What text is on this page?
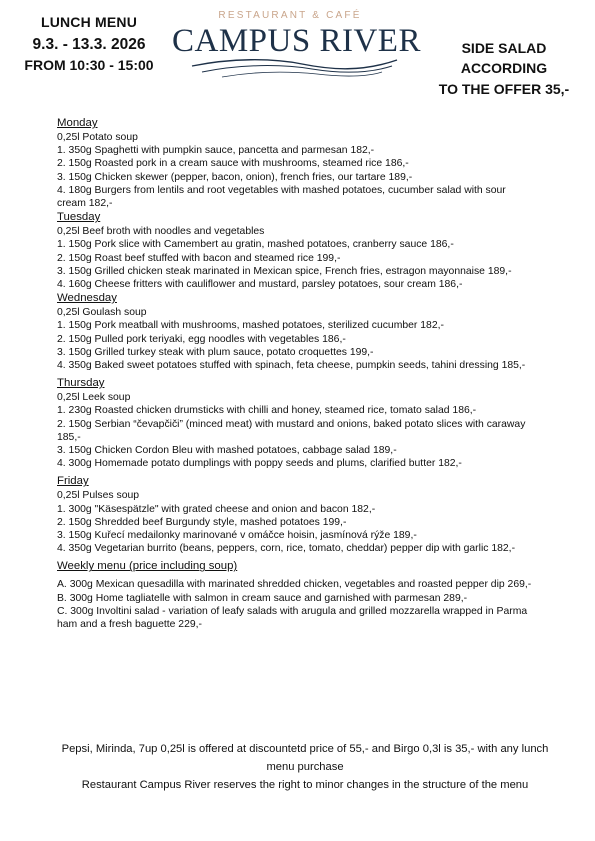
LUNCH MENU
9.3. - 13.3. 2026
FROM 10:30 - 15:00
RESTAURANT & CAFÉ
CAMPUS RIVER	SIDE SALAD ACCORDING
TO THE OFFER 35,-
Monday
0,25l Potato soup
1. 350g Spaghetti with pumpkin sauce, pancetta and parmesan 182,-
2. 150g Roasted pork in a cream sauce with mushrooms, steamed rice 186,-
3. 150g Chicken skewer (pepper, bacon, onion), french fries, our tartare 189,-
4. 180g Burgers from lentils and root vegetables with mashed potatoes, cucumber salad with sour cream 182,-
Tuesday
0,25l Beef broth with noodles and vegetables
1. 150g Pork slice with Camembert au gratin, mashed potatoes, cranberry sauce 186,-
2. 150g Roast beef stuffed with bacon and steamed rice 199,-
3. 150g Grilled chicken steak marinated in Mexican spice, French fries, estragon mayonnaise 189,-
4. 160g Cheese fritters with cauliflower and mustard, parsley potatoes, sour cream 186,-
Wednesday
0,25l Goulash soup
1. 150g Pork meatball with mushrooms, mashed potatoes, sterilized cucumber 182,-
2. 150g Pulled pork teriyaki, egg noodles with vegetables 186,-
3. 150g Grilled turkey steak with plum sauce, potato croquettes 199,-
4. 350g Baked sweet potatoes stuffed with spinach, feta cheese, pumpkin seeds, tahini dressing 185,-
Thursday
0,25l Leek soup
1. 230g Roasted chicken drumsticks with chilli and honey, steamed rice, tomato salad 186,-
2. 150g Serbian “čevapčiči” (minced meat) with mustard and onions, baked potato slices with caraway 185,-
3. 150g Chicken Cordon Bleu with mashed potatoes, cabbage salad 189,-
4. 300g Homemade potato dumplings with poppy seeds and plums, clarified butter 182,-
Friday
0,25l Pulses soup
1. 300g "Käsespätzle" with grated cheese and onion and bacon 182,-
2. 150g Shredded beef Burgundy style, mashed potatoes 199,-
3. 150g Kuřecí medailonky marinované v omáčce hoisin, jasmínová rýže 189,-
4. 350g Vegetarian burrito (beans, peppers, corn, rice, tomato, cheddar) pepper dip with garlic 182,-
Weekly menu (price including soup)
A. 300g Mexican quesadilla with marinated shredded chicken, vegetables and roasted pepper dip 269,-
B. 300g Home tagliatelle with salmon in cream sauce and garnished with parmesan 289,-
C. 300g Involtini salad - variation of leafy salads with arugula and grilled mozzarella wrapped in Parma ham and a fresh baguette 229,-

Pepsi, Mirinda, 7up 0,25l is offered at discountetd price of 55,- and Birgo 0,3l is 35,- with any lunch menu purchase

Restaurant Campus River reserves the right to minor changes in the structure of the menu
